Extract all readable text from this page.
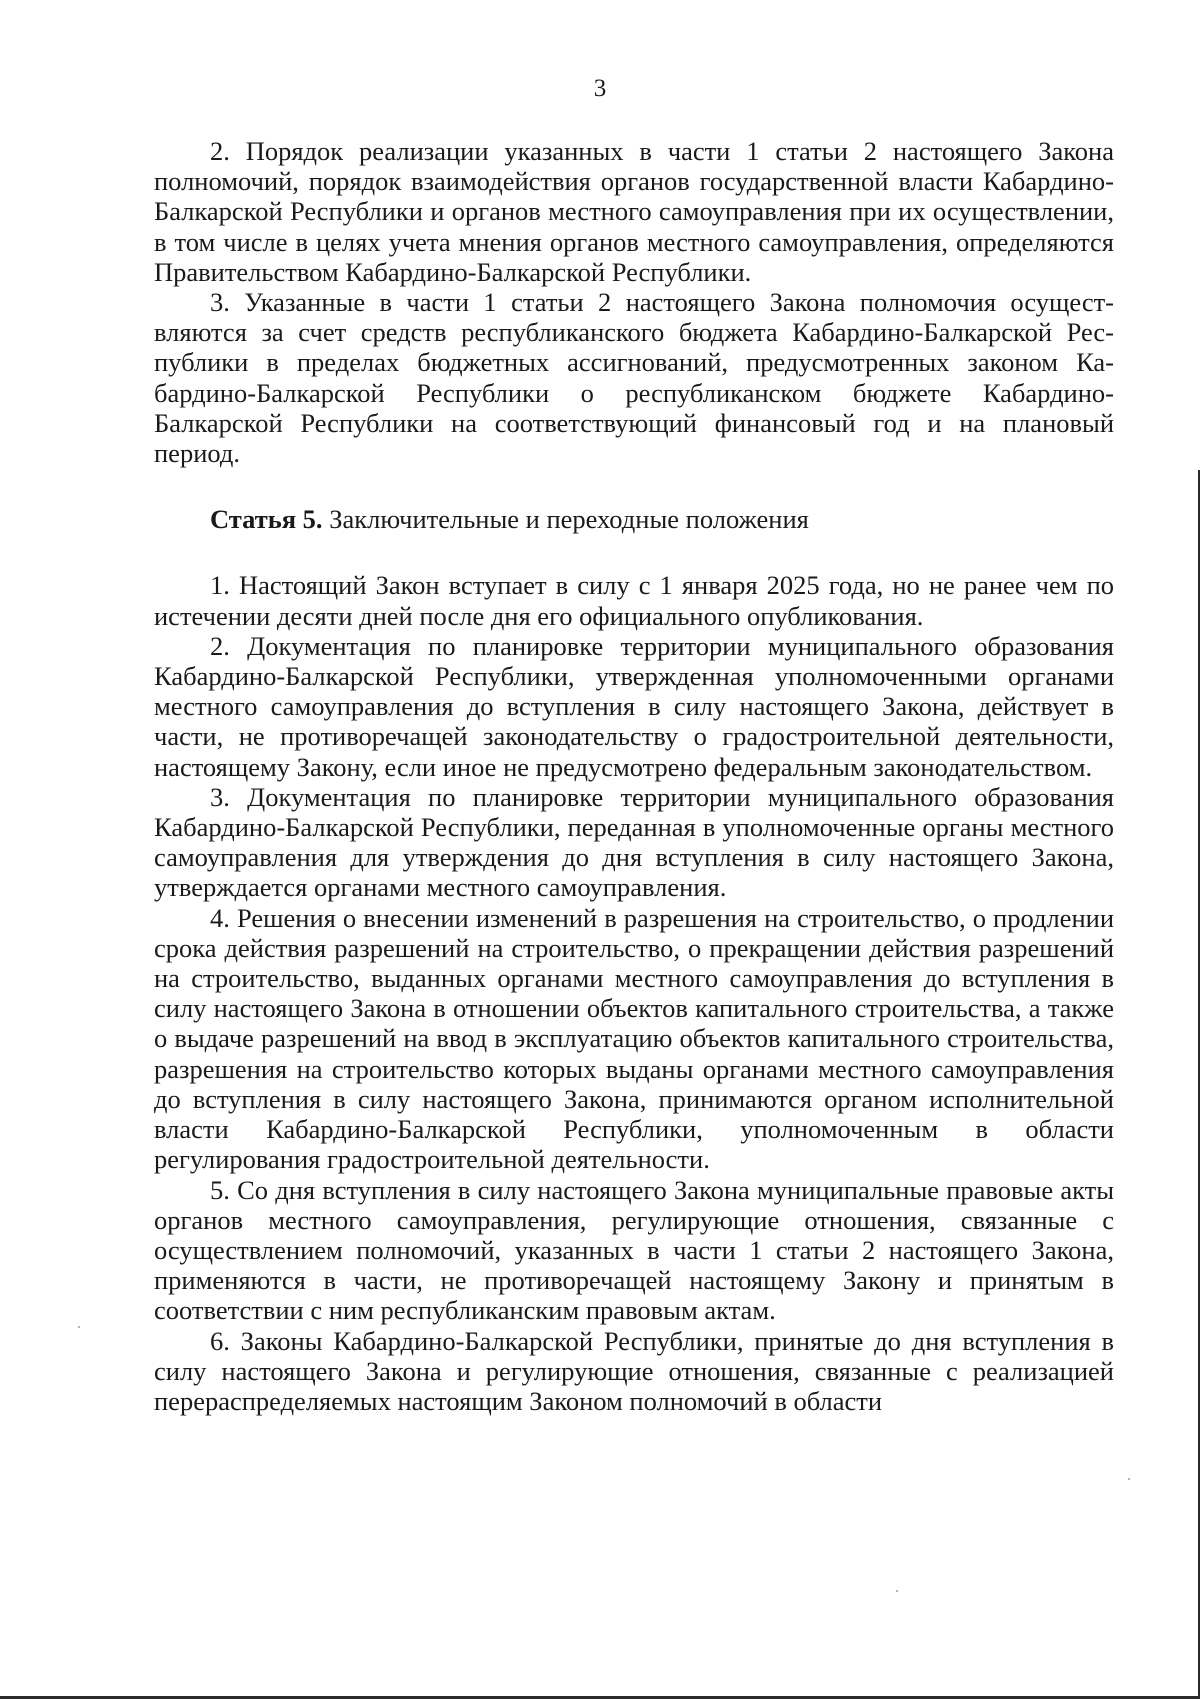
3

2. Порядок реализации указанных в части 1 статьи 2 настоящего Закона полномочий, порядок взаимодействия органов государственной власти Кабардино-Балкарской Республики и органов местного самоуправления при их осуществлении, в том числе в целях учета мнения органов местного самоуправления, определяются Правительством Кабардино-Балкарской Республики.

3. Указанные в части 1 статьи 2 настоящего Закона полномочия осуществляются за счет средств республиканского бюджета Кабардино-Балкарской Республики в пределах бюджетных ассигнований, предусмотренных законом Кабардино-Балкарской Республики о республиканском бюджете Кабардино-Балкарской Республики на соответствующий финансовый год и на плановый период.

Статья 5. Заключительные и переходные положения

1. Настоящий Закон вступает в силу с 1 января 2025 года, но не ранее чем по истечении десяти дней после дня его официального опубликования.

2. Документация по планировке территории муниципального образования Кабардино-Балкарской Республики, утвержденная уполномоченными органами местного самоуправления до вступления в силу настоящего Закона, действует в части, не противоречащей законодательству о градостроительной деятельности, настоящему Закону, если иное не предусмотрено федеральным законодательством.

3. Документация по планировке территории муниципального образования Кабардино-Балкарской Республики, переданная в уполномоченные органы местного самоуправления для утверждения до дня вступления в силу настоящего Закона, утверждается органами местного самоуправления.

4. Решения о внесении изменений в разрешения на строительство, о продлении срока действия разрешений на строительство, о прекращении действия разрешений на строительство, выданных органами местного самоуправления до вступления в силу настоящего Закона в отношении объектов капитального строительства, а также о выдаче разрешений на ввод в эксплуатацию объектов капитального строительства, разрешения на строительство которых выданы органами местного самоуправления до вступления в силу настоящего Закона, принимаются органом исполнительной власти Кабардино-Балкарской Республики, уполномоченным в области регулирования градостроительной деятельности.

5. Со дня вступления в силу настоящего Закона муниципальные правовые акты органов местного самоуправления, регулирующие отношения, связанные с осуществлением полномочий, указанных в части 1 статьи 2 настоящего Закона, применяются в части, не противоречащей настоящему Закону и принятым в соответствии с ним республиканским правовым актам.

6. Законы Кабардино-Балкарской Республики, принятые до дня вступления в силу настоящего Закона и регулирующие отношения, связанные с реализацией перераспределяемых настоящим Законом полномочий в области
